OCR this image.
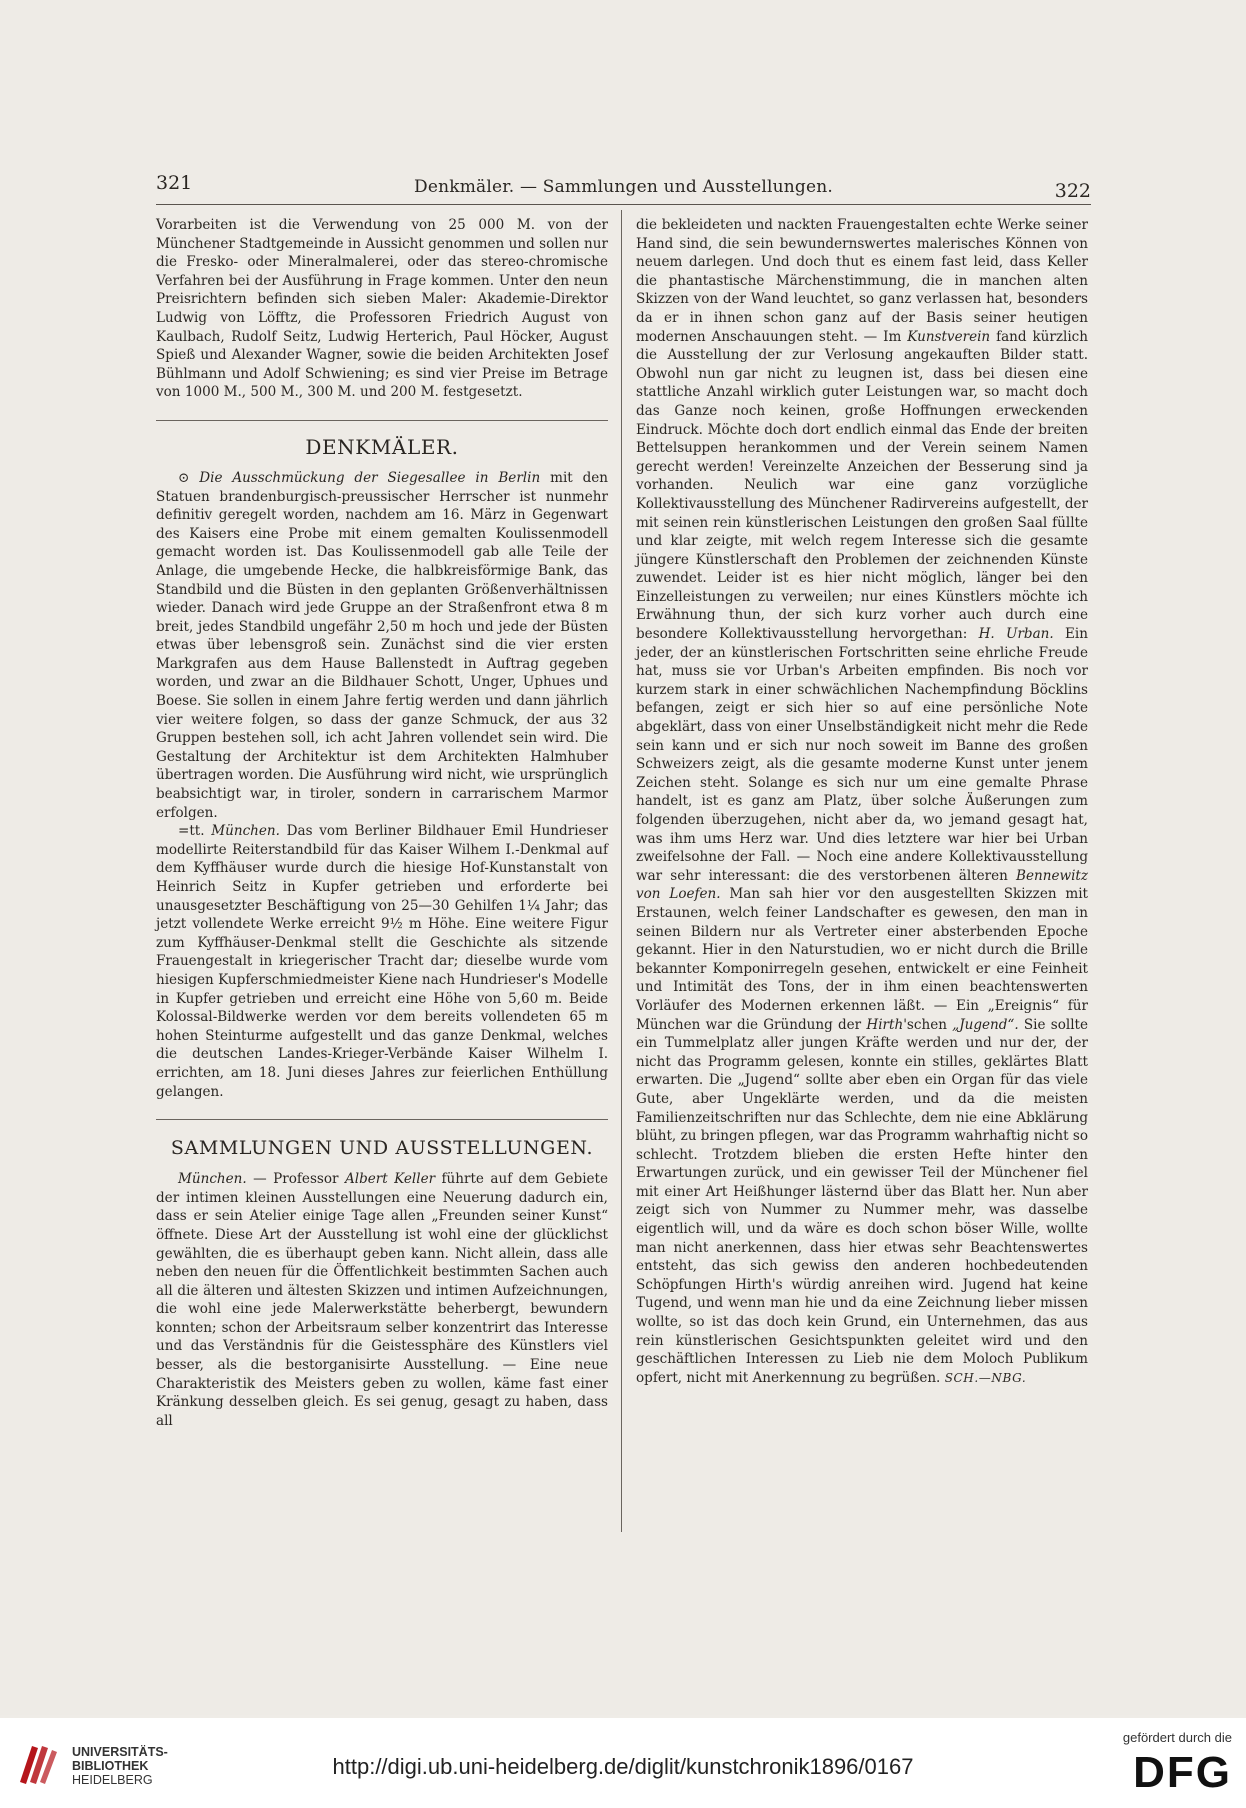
321	Denkmäler. — Sammlungen und Ausstellungen.	322

Vorarbeiten ist die Verwendung von 25 000 M. von der Münchener Stadtgemeinde in Aussicht genommen und sollen nur die Fresko- oder Mineralmalerei, oder das stereo-chromische Verfahren bei der Ausführung in Frage kommen. Unter den neun Preisrichtern befinden sich sieben Maler: Akademie-Direktor Ludwig von Löfftz, die Professoren Friedrich August von Kaulbach, Rudolf Seitz, Ludwig Herterich, Paul Höcker, August Spieß und Alexander Wagner, sowie die beiden Architekten Josef Bühlmann und Adolf Schwiening; es sind vier Preise im Betrage von 1000 M., 500 M., 300 M. und 200 M. festgesetzt.

DENKMÄLER.

⊙ Die Ausschmückung der Siegesallee in Berlin mit den Statuen brandenburgisch-preussischer Herrscher ist nunmehr definitiv geregelt worden, nachdem am 16. März in Gegenwart des Kaisers eine Probe mit einem gemalten Koulissenmodell gemacht worden ist. Das Koulissenmodell gab alle Teile der Anlage, die umgebende Hecke, die halbkreisförmige Bank, das Standbild und die Büsten in den geplanten Größenverhältnissen wieder. Danach wird jede Gruppe an der Straßenfront etwa 8 m breit, jedes Standbild ungefähr 2,50 m hoch und jede der Büsten etwas über lebensgroß sein. Zunächst sind die vier ersten Markgrafen aus dem Hause Ballenstedt in Auftrag gegeben worden, und zwar an die Bildhauer Schott, Unger, Uphues und Boese. Sie sollen in einem Jahre fertig werden und dann jährlich vier weitere folgen, so dass der ganze Schmuck, der aus 32 Gruppen bestehen soll, ich acht Jahren vollendet sein wird. Die Gestaltung der Architektur ist dem Architekten Halmhuber übertragen worden. Die Ausführung wird nicht, wie ursprünglich beabsichtigt war, in tiroler, sondern in carrarischem Marmor erfolgen.

=tt. München. Das vom Berliner Bildhauer Emil Hundrieser modellirte Reiterstandbild für das Kaiser Wilhem I.-Denkmal auf dem Kyffhäuser wurde durch die hiesige Hof-Kunstanstalt von Heinrich Seitz in Kupfer getrieben und erforderte bei unausgesetzter Beschäftigung von 25—30 Gehilfen 1¼ Jahr; das jetzt vollendete Werke erreicht 9½ m Höhe. Eine weitere Figur zum Kyffhäuser-Denkmal stellt die Geschichte als sitzende Frauengestalt in kriegerischer Tracht dar; dieselbe wurde vom hiesigen Kupferschmiedmeister Kiene nach Hundrieser's Modelle in Kupfer getrieben und erreicht eine Höhe von 5,60 m. Beide Kolossal-Bildwerke werden vor dem bereits vollendeten 65 m hohen Steinturme aufgestellt und das ganze Denkmal, welches die deutschen Landes-Krieger-Verbände Kaiser Wilhelm I. errichten, am 18. Juni dieses Jahres zur feierlichen Enthüllung gelangen.

SAMMLUNGEN UND AUSSTELLUNGEN.

München. — Professor Albert Keller führte auf dem Gebiete der intimen kleinen Ausstellungen eine Neuerung dadurch ein, dass er sein Atelier einige Tage allen „Freunden seiner Kunst“ öffnete. Diese Art der Ausstellung ist wohl eine der glücklichst gewählten, die es überhaupt geben kann. Nicht allein, dass alle neben den neuen für die Öffentlichkeit bestimmten Sachen auch all die älteren und ältesten Skizzen und intimen Aufzeichnungen, die wohl eine jede Malerwerkstätte beherbergt, bewundern konnten; schon der Arbeitsraum selber konzentrirt das Interesse und das Verständnis für die Geistessphäre des Künstlers viel besser, als die bestorganisirte Ausstellung. — Eine neue Charakteristik des Meisters geben zu wollen, käme fast einer Kränkung desselben gleich. Es sei genug, gesagt zu haben, dass all

die bekleideten und nackten Frauengestalten echte Werke seiner Hand sind, die sein bewundernswertes malerisches Können von neuem darlegen. Und doch thut es einem fast leid, dass Keller die phantastische Märchenstimmung, die in manchen alten Skizzen von der Wand leuchtet, so ganz verlassen hat, besonders da er in ihnen schon ganz auf der Basis seiner heutigen modernen Anschauungen steht. — Im Kunstverein fand kürzlich die Ausstellung der zur Verlosung angekauften Bilder statt. Obwohl nun gar nicht zu leugnen ist, dass bei diesen eine stattliche Anzahl wirklich guter Leistungen war, so macht doch das Ganze noch keinen, große Hoffnungen erweckenden Eindruck. Möchte doch dort endlich einmal das Ende der breiten Bettelsuppen herankommen und der Verein seinem Namen gerecht werden! Vereinzelte Anzeichen der Besserung sind ja vorhanden. Neulich war eine ganz vorzügliche Kollektivausstellung des Münchener Radirvereins aufgestellt, der mit seinen rein künstlerischen Leistungen den großen Saal füllte und klar zeigte, mit welch regem Interesse sich die gesamte jüngere Künstlerschaft den Problemen der zeichnenden Künste zuwendet. Leider ist es hier nicht möglich, länger bei den Einzelleistungen zu verweilen; nur eines Künstlers möchte ich Erwähnung thun, der sich kurz vorher auch durch eine besondere Kollektivausstellung hervorgethan: H. Urban. Ein jeder, der an künstlerischen Fortschritten seine ehrliche Freude hat, muss sie vor Urban's Arbeiten empfinden. Bis noch vor kurzem stark in einer schwächlichen Nachempfindung Böcklins befangen, zeigt er sich hier so auf eine persönliche Note abgeklärt, dass von einer Unselbständigkeit nicht mehr die Rede sein kann und er sich nur noch soweit im Banne des großen Schweizers zeigt, als die gesamte moderne Kunst unter jenem Zeichen steht. Solange es sich nur um eine gemalte Phrase handelt, ist es ganz am Platz, über solche Äußerungen zum folgenden überzugehen, nicht aber da, wo jemand gesagt hat, was ihm ums Herz war. Und dies letztere war hier bei Urban zweifelsohne der Fall. — Noch eine andere Kollektivausstellung war sehr interessant: die des verstorbenen älteren Bennewitz von Loefen. Man sah hier vor den ausgestellten Skizzen mit Erstaunen, welch feiner Landschafter es gewesen, den man in seinen Bildern nur als Vertreter einer absterbenden Epoche gekannt. Hier in den Naturstudien, wo er nicht durch die Brille bekannter Komponirregeln gesehen, entwickelt er eine Feinheit und Intimität des Tons, der in ihm einen beachtenswerten Vorläufer des Modernen erkennen läßt. — Ein „Ereignis“ für München war die Gründung der Hirth'schen „Jugend“. Sie sollte ein Tummelplatz aller jungen Kräfte werden und nur der, der nicht das Programm gelesen, konnte ein stilles, geklärtes Blatt erwarten. Die „Jugend“ sollte aber eben ein Organ für das viele Gute, aber Ungeklärte werden, und da die meisten Familienzeitschriften nur das Schlechte, dem nie eine Abklärung blüht, zu bringen pflegen, war das Programm wahrhaftig nicht so schlecht. Trotzdem blieben die ersten Hefte hinter den Erwartungen zurück, und ein gewisser Teil der Münchener fiel mit einer Art Heißhunger lästernd über das Blatt her. Nun aber zeigt sich von Nummer zu Nummer mehr, was dasselbe eigentlich will, und da wäre es doch schon böser Wille, wollte man nicht anerkennen, dass hier etwas sehr Beachtenswertes entsteht, das sich gewiss den anderen hochbedeutenden Schöpfungen Hirth's würdig anreihen wird. Jugend hat keine Tugend, und wenn man hie und da eine Zeichnung lieber missen wollte, so ist das doch kein Grund, ein Unternehmen, das aus rein künstlerischen Gesichtspunkten geleitet wird und den geschäftlichen Interessen zu Lieb nie dem Moloch Publikum opfert, nicht mit Anerkennung zu begrüßen. SCH.—NBG.

UNIVERSITÄTS-
BIBLIOTHEK
HEIDELBERG
http://digi.ub.uni-heidelberg.de/diglit/kunstchronik1896/0167
gefördert durch die
DFG
